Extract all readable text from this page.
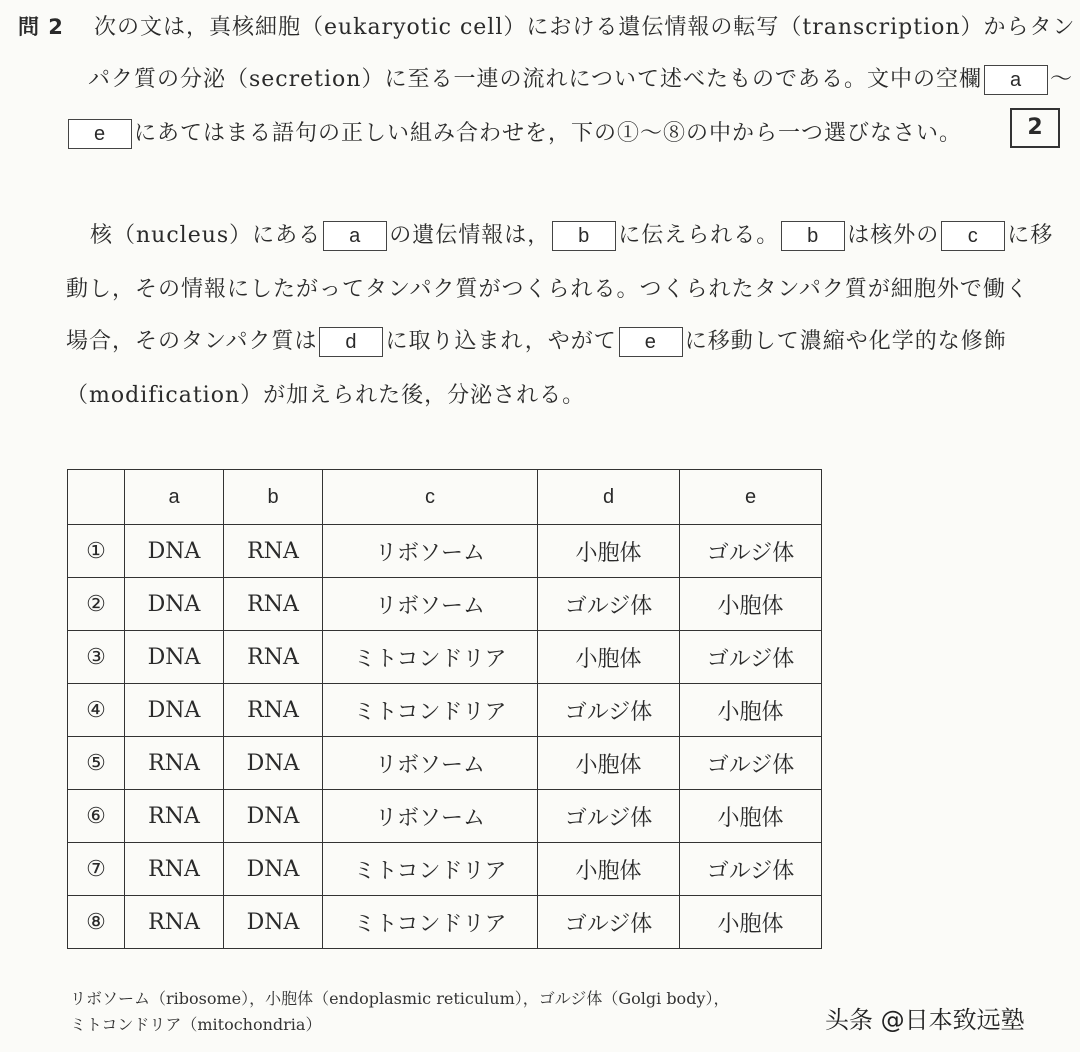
問 2 次の文は，真核細胞（eukaryotic cell）における遺伝情報の転写（transcription）からタン
パク質の分泌（secretion）に至る一連の流れについて述べたものである。文中の空欄 a 〜
e にあてはまる語句の正しい組み合わせを，下の①〜⑧の中から一つ選びなさい。	2
核（nucleus）にある a の遺伝情報は， b に伝えられる。 b は核外の c に移
動し，その情報にしたがってタンパク質がつくられる。つくられたタンパク質が細胞外で働く
場合，そのタンパク質は d に取り込まれ，やがて e に移動して濃縮や化学的な修飾
（modification）が加えられた後，分泌される。
	a	b	c	d	e
①	DNA	RNA	リボソーム	小胞体	ゴルジ体
②	DNA	RNA	リボソーム	ゴルジ体	小胞体
③	DNA	RNA	ミトコンドリア	小胞体	ゴルジ体
④	DNA	RNA	ミトコンドリア	ゴルジ体	小胞体
⑤	RNA	DNA	リボソーム	小胞体	ゴルジ体
⑥	RNA	DNA	リボソーム	ゴルジ体	小胞体
⑦	RNA	DNA	ミトコンドリア	小胞体	ゴルジ体
⑧	RNA	DNA	ミトコンドリア	ゴルジ体	小胞体
リボソーム（ribosome），小胞体（endoplasmic reticulum），ゴルジ体（Golgi body），
ミトコンドリア（mitochondria）	头条 @日本致远塾
